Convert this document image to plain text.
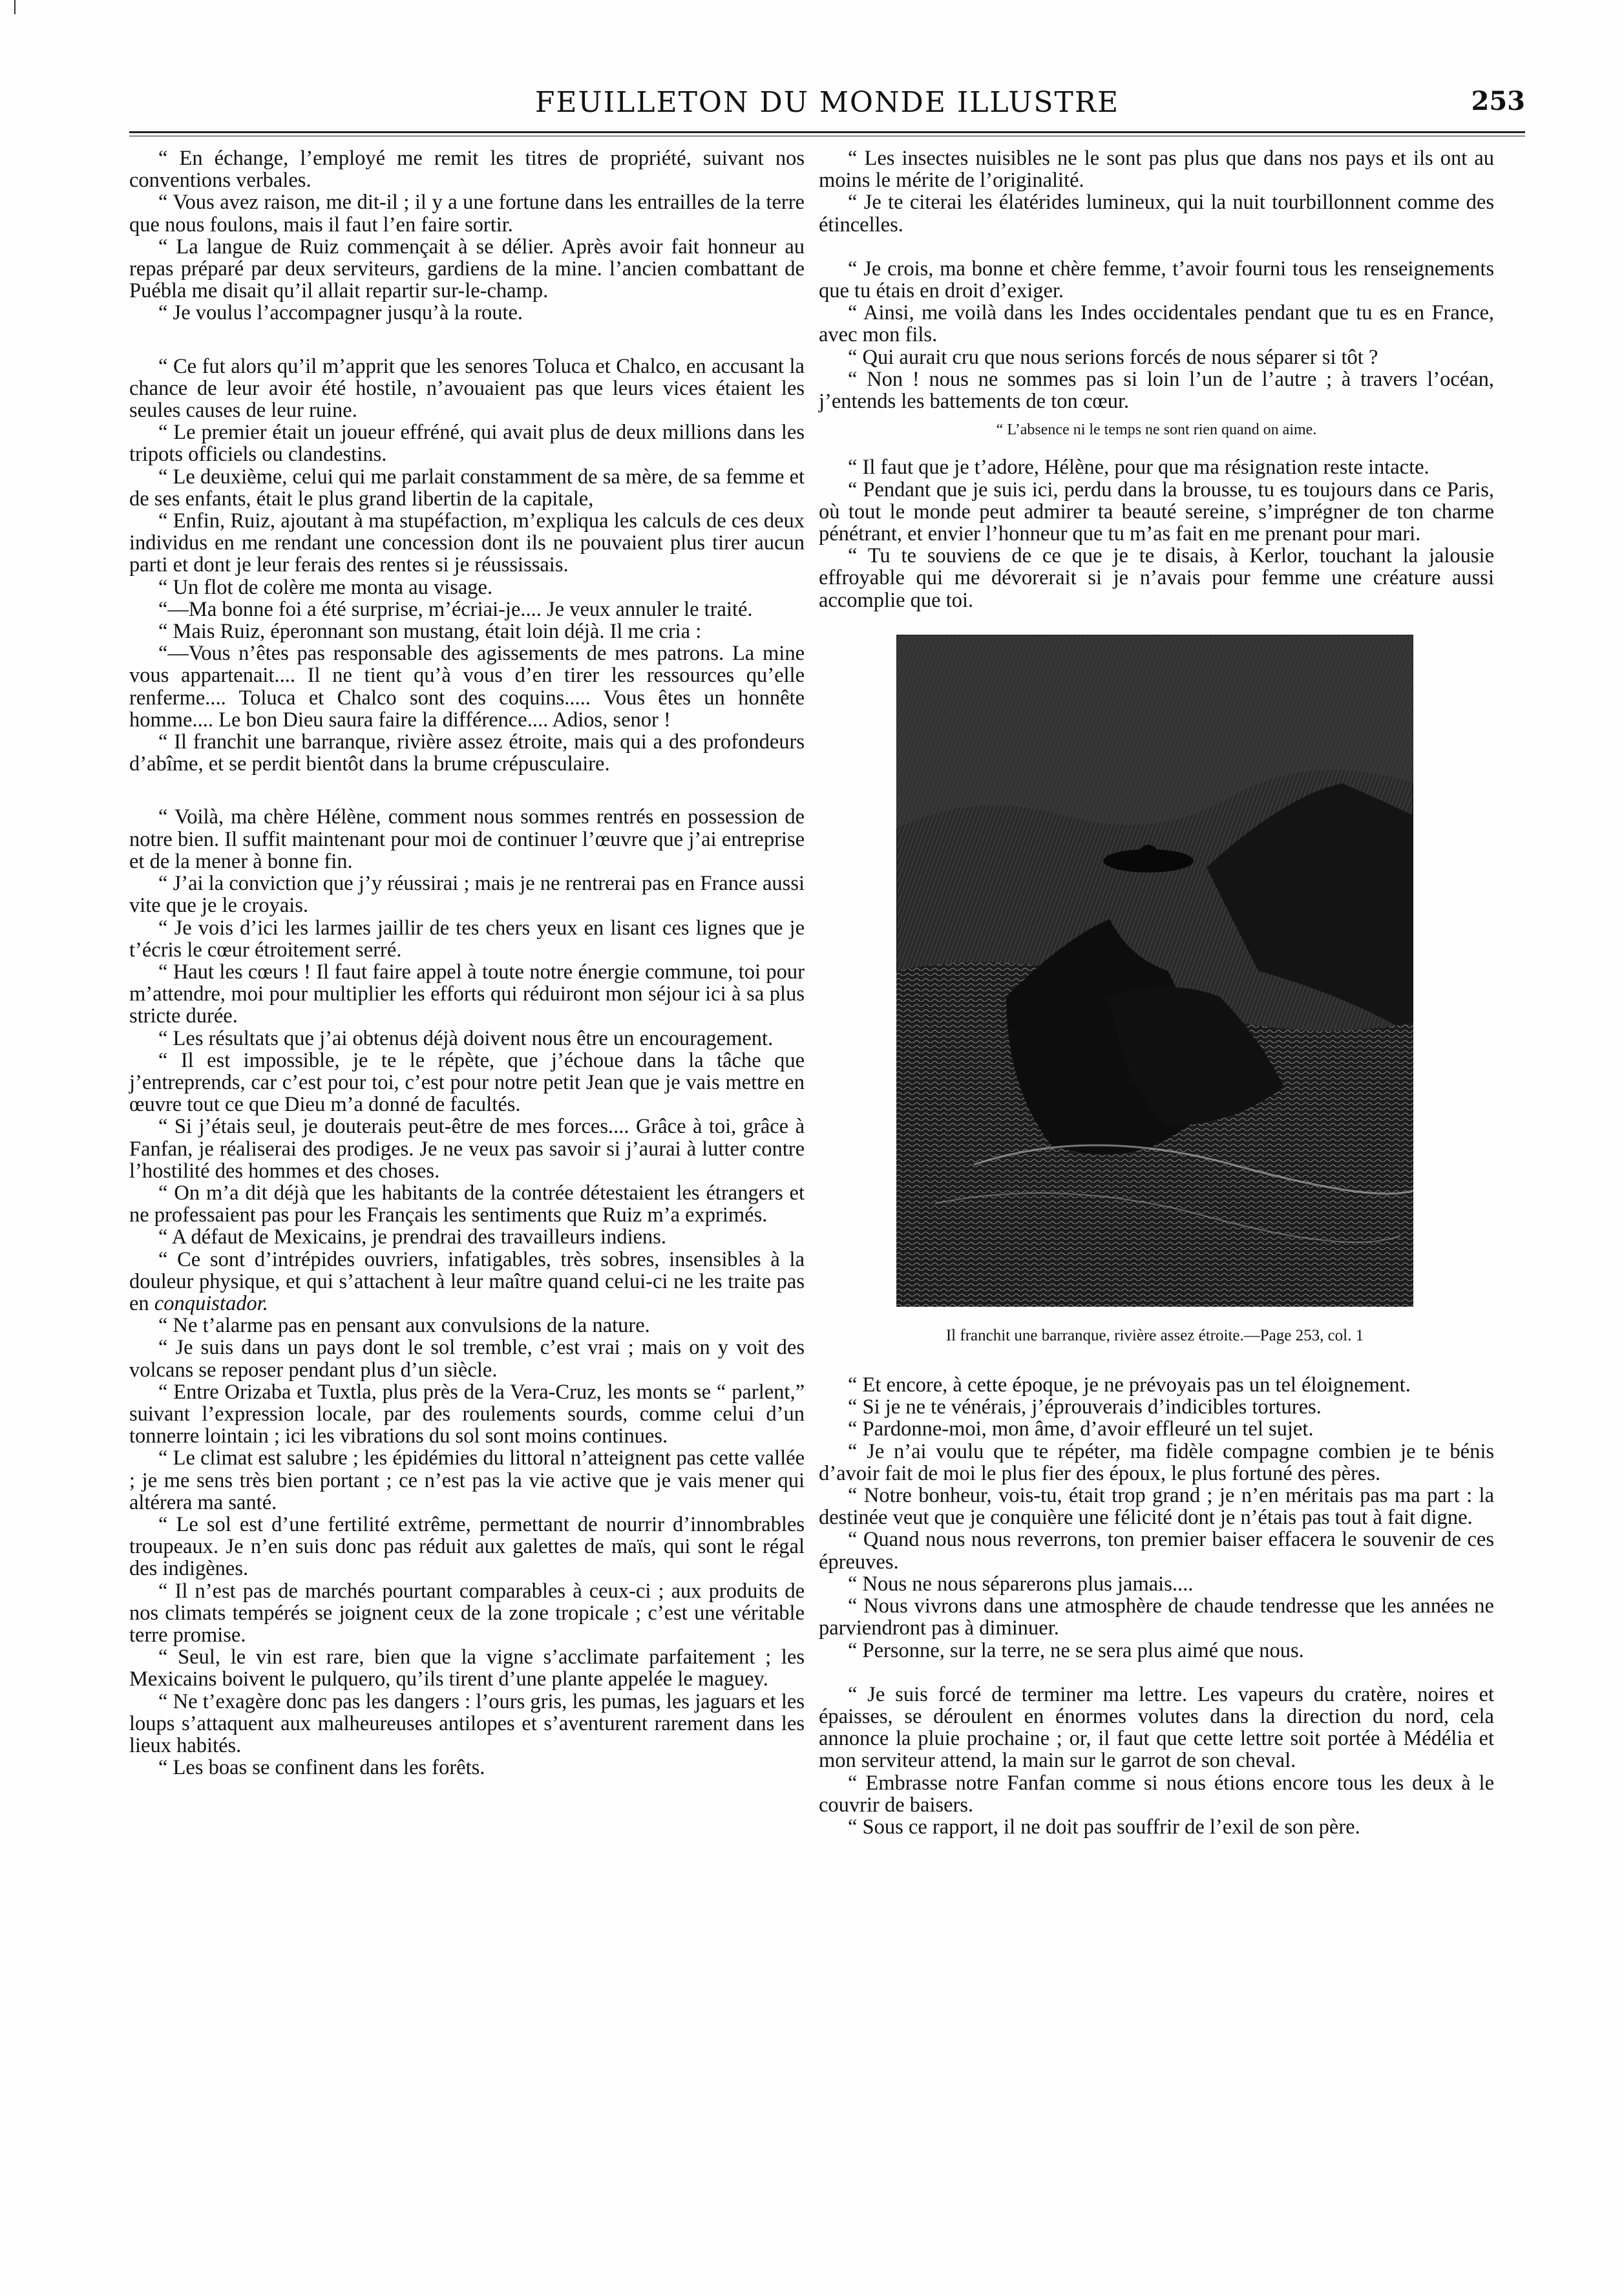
FEUILLETON DU MONDE ILLUSTRE	253

“ En échange, l’employé me remit les titres de propriété, suivant nos conventions verbales.

“ Vous avez raison, me dit-il ; il y a une fortune dans les entrailles de la terre que nous foulons, mais il faut l’en faire sortir.

“ La langue de Ruiz commençait à se délier. Après avoir fait honneur au repas préparé par deux serviteurs, gardiens de la mine. l’ancien combattant de Puébla me disait qu’il allait repartir sur-le-champ.

“ Je voulus l’accompagner jusqu’à la route.

“ Ce fut alors qu’il m’apprit que les senores Toluca et Chalco, en accusant la chance de leur avoir été hostile, n’avouaient pas que leurs vices étaient les seules causes de leur ruine.

“ Le premier était un joueur effréné, qui avait plus de deux millions dans les tripots officiels ou clandestins.

“ Le deuxième, celui qui me parlait constamment de sa mère, de sa femme et de ses enfants, était le plus grand libertin de la capitale,

“ Enfin, Ruiz, ajoutant à ma stupéfaction, m’expliqua les calculs de ces deux individus en me rendant une concession dont ils ne pouvaient plus tirer aucun parti et dont je leur ferais des rentes si je réussissais.

“ Un flot de colère me monta au visage.

“—Ma bonne foi a été surprise, m’écriai-je.... Je veux annuler le traité.

“ Mais Ruiz, éperonnant son mustang, était loin déjà. Il me cria :

“—Vous n’êtes pas responsable des agissements de mes patrons. La mine vous appartenait.... Il ne tient qu’à vous d’en tirer les ressources qu’elle renferme.... Toluca et Chalco sont des coquins..... Vous êtes un honnête homme.... Le bon Dieu saura faire la différence.... Adios, senor !

“ Il franchit une barranque, rivière assez étroite, mais qui a des profondeurs d’abîme, et se perdit bientôt dans la brume crépusculaire.

“ Voilà, ma chère Hélène, comment nous sommes rentrés en possession de notre bien. Il suffit maintenant pour moi de continuer l’œuvre que j’ai entreprise et de la mener à bonne fin.

“ J’ai la conviction que j’y réussirai ; mais je ne rentrerai pas en France aussi vite que je le croyais.

“ Je vois d’ici les larmes jaillir de tes chers yeux en lisant ces lignes que je t’écris le cœur étroitement serré.

“ Haut les cœurs ! Il faut faire appel à toute notre énergie commune, toi pour m’attendre, moi pour multiplier les efforts qui réduiront mon séjour ici à sa plus stricte durée.

“ Les résultats que j’ai obtenus déjà doivent nous être un encouragement.

“ Il est impossible, je te le répète, que j’échoue dans la tâche que j’entreprends, car c’est pour toi, c’est pour notre petit Jean que je vais mettre en œuvre tout ce que Dieu m’a donné de facultés.

“ Si j’étais seul, je douterais peut-être de mes forces.... Grâce à toi, grâce à Fanfan, je réaliserai des prodiges. Je ne veux pas savoir si j’aurai à lutter contre l’hostilité des hommes et des choses.

“ On m’a dit déjà que les habitants de la contrée détestaient les étrangers et ne professaient pas pour les Français les sentiments que Ruiz m’a exprimés.

“ A défaut de Mexicains, je prendrai des travailleurs indiens.

“ Ce sont d’intrépides ouvriers, infatigables, très sobres, insensibles à la douleur physique, et qui s’attachent à leur maître quand celui-ci ne les traite pas en conquistador.

“ Ne t’alarme pas en pensant aux convulsions de la nature.

“ Je suis dans un pays dont le sol tremble, c’est vrai ; mais on y voit des volcans se reposer pendant plus d’un siècle.

“ Entre Orizaba et Tuxtla, plus près de la Vera-Cruz, les monts se “ parlent,” suivant l’expression locale, par des roulements sourds, comme celui d’un tonnerre lointain ; ici les vibrations du sol sont moins continues.

“ Le climat est salubre ; les épidémies du littoral n’atteignent pas cette vallée ; je me sens très bien portant ; ce n’est pas la vie active que je vais mener qui altérera ma santé.

“ Le sol est d’une fertilité extrême, permettant de nourrir d’innombrables troupeaux. Je n’en suis donc pas réduit aux galettes de maïs, qui sont le régal des indigènes.

“ Il n’est pas de marchés pourtant comparables à ceux-ci ; aux produits de nos climats tempérés se joignent ceux de la zone tropicale ; c’est une véritable terre promise.

“ Seul, le vin est rare, bien que la vigne s’acclimate parfaitement ; les Mexicains boivent le pulquero, qu’ils tirent d’une plante appelée le maguey.

“ Ne t’exagère donc pas les dangers : l’ours gris, les pumas, les jaguars et les loups s’attaquent aux malheureuses antilopes et s’aventurent rarement dans les lieux habités.

“ Les boas se confinent dans les forêts.

“ Les insectes nuisibles ne le sont pas plus que dans nos pays et ils ont au moins le mérite de l’originalité.

“ Je te citerai les élatérides lumineux, qui la nuit tourbillonnent comme des étincelles.

“ Je crois, ma bonne et chère femme, t’avoir fourni tous les renseignements que tu étais en droit d’exiger.

“ Ainsi, me voilà dans les Indes occidentales pendant que tu es en France, avec mon fils.

“ Qui aurait cru que nous serions forcés de nous séparer si tôt ?

“ Non ! nous ne sommes pas si loin l’un de l’autre ; à travers l’océan, j’entends les battements de ton cœur.

“ L’absence ni le temps ne sont rien quand on aime.

“ Il faut que je t’adore, Hélène, pour que ma résignation reste intacte.

“ Pendant que je suis ici, perdu dans la brousse, tu es toujours dans ce Paris, où tout le monde peut admirer ta beauté sereine, s’imprégner de ton charme pénétrant, et envier l’honneur que tu m’as fait en me prenant pour mari.

“ Tu te souviens de ce que je te disais, à Kerlor, touchant la jalousie effroyable qui me dévorerait si je n’avais pour femme une créature aussi accomplie que toi.

Il franchit une barranque, rivière assez étroite.—Page 253, col. 1

“ Et encore, à cette époque, je ne prévoyais pas un tel éloignement.

“ Si je ne te vénérais, j’éprouverais d’indicibles tortures.

“ Pardonne-moi, mon âme, d’avoir effleuré un tel sujet.

“ Je n’ai voulu que te répéter, ma fidèle compagne combien je te bénis d’avoir fait de moi le plus fier des époux, le plus fortuné des pères.

“ Notre bonheur, vois-tu, était trop grand ; je n’en méritais pas ma part : la destinée veut que je conquière une félicité dont je n’étais pas tout à fait digne.

“ Quand nous nous reverrons, ton premier baiser effacera le souvenir de ces épreuves.

“ Nous ne nous séparerons plus jamais....

“ Nous vivrons dans une atmosphère de chaude tendresse que les années ne parviendront pas à diminuer.

“ Personne, sur la terre, ne se sera plus aimé que nous.

“ Je suis forcé de terminer ma lettre. Les vapeurs du cratère, noires et épaisses, se déroulent en énormes volutes dans la direction du nord, cela annonce la pluie prochaine ; or, il faut que cette lettre soit portée à Médélia et mon serviteur attend, la main sur le garrot de son cheval.

“ Embrasse notre Fanfan comme si nous étions encore tous les deux à le couvrir de baisers.

“ Sous ce rapport, il ne doit pas souffrir de l’exil de son père.
